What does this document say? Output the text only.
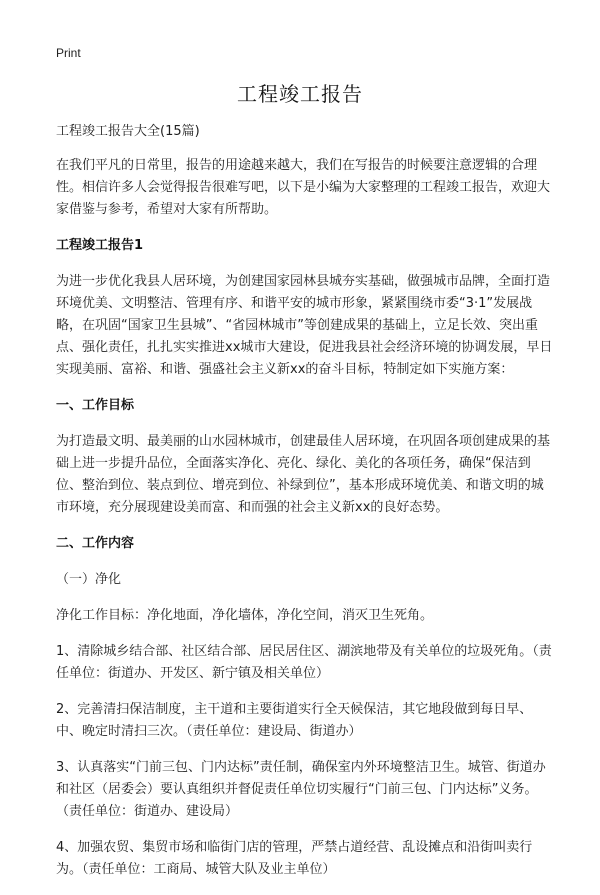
Print
工程竣工报告

工程竣工报告大全(15篇)

在我们平凡的日常里，报告的用途越来越大，我们在写报告的时候要注意逻辑的合理性。相信许多人会觉得报告很难写吧，以下是小编为大家整理的工程竣工报告，欢迎大家借鉴与参考，希望对大家有所帮助。

工程竣工报告1

为进一步优化我县人居环境，为创建国家园林县城夯实基础，做强城市品牌，全面打造环境优美、文明整洁、管理有序、和谐平安的城市形象，紧紧围绕市委“3·1”发展战略，在巩固“国家卫生县城”、“省园林城市”等创建成果的基础上，立足长效、突出重点、强化责任，扎扎实实推进xx城市大建设，促进我县社会经济环境的协调发展，早日实现美丽、富裕、和谐、强盛社会主义新xx的奋斗目标，特制定如下实施方案：

一、工作目标

为打造最文明、最美丽的山水园林城市，创建最佳人居环境，在巩固各项创建成果的基础上进一步提升品位，全面落实净化、亮化、绿化、美化的各项任务，确保“保洁到位、整治到位、装点到位、增亮到位、补绿到位”，基本形成环境优美、和谐文明的城市环境，充分展现建设美而富、和而强的社会主义新xx的良好态势。

二、工作内容

（一）净化

净化工作目标：净化地面，净化墙体，净化空间，消灭卫生死角。

1、清除城乡结合部、社区结合部、居民居住区、湖滨地带及有关单位的垃圾死角。（责任单位：街道办、开发区、新宁镇及相关单位）

2、完善清扫保洁制度，主干道和主要街道实行全天候保洁，其它地段做到每日早、中、晚定时清扫三次。（责任单位：建设局、街道办）

3、认真落实“门前三包、门内达标”责任制，确保室内外环境整洁卫生。城管、街道办和社区（居委会）要认真组织并督促责任单位切实履行“门前三包、门内达标”义务。（责任单位：街道办、建设局）

4、加强农贸、集贸市场和临街门店的管理，严禁占道经营、乱设摊点和沿街叫卖行为。（责任单位：工商局、城管大队及业主单位）
